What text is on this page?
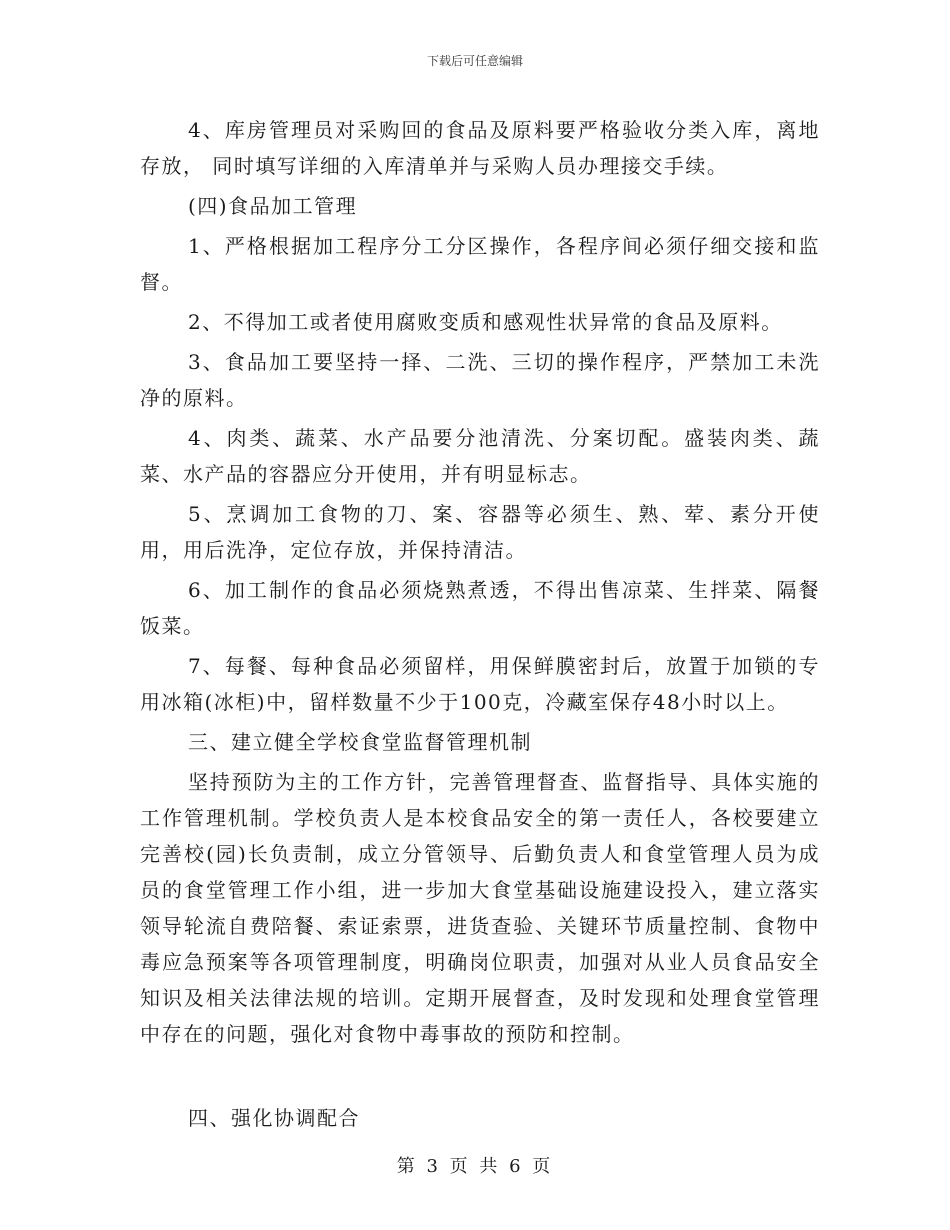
下载后可任意编辑

4、库房管理员对采购回的食品及原料要严格验收分类入库，离地存放， 同时填写详细的入库清单并与采购人员办理接交手续。

(四)食品加工管理

1、严格根据加工程序分工分区操作，各程序间必须仔细交接和监督。

2、不得加工或者使用腐败变质和感观性状异常的食品及原料。

3、食品加工要坚持一择、二洗、三切的操作程序，严禁加工未洗净的原料。

4、肉类、蔬菜、水产品要分池清洗、分案切配。盛装肉类、蔬菜、水产品的容器应分开使用，并有明显标志。

5、烹调加工食物的刀、案、容器等必须生、熟、荤、素分开使用，用后洗净，定位存放，并保持清洁。

6、加工制作的食品必须烧熟煮透，不得出售凉菜、生拌菜、隔餐饭菜。

7、每餐、每种食品必须留样，用保鲜膜密封后，放置于加锁的专用冰箱(冰柜)中，留样数量不少于100克，冷藏室保存48小时以上。

三、建立健全学校食堂监督管理机制

坚持预防为主的工作方针，完善管理督查、监督指导、具体实施的工作管理机制。学校负责人是本校食品安全的第一责任人，各校要建立完善校(园)长负责制，成立分管领导、后勤负责人和食堂管理人员为成员的食堂管理工作小组，进一步加大食堂基础设施建设投入，建立落实领导轮流自费陪餐、索证索票，进货查验、关键环节质量控制、食物中毒应急预案等各项管理制度，明确岗位职责，加强对从业人员食品安全知识及相关法律法规的培训。定期开展督查，及时发现和处理食堂管理中存在的问题，强化对食物中毒事故的预防和控制。

四、强化协调配合

第 3 页 共 6 页
